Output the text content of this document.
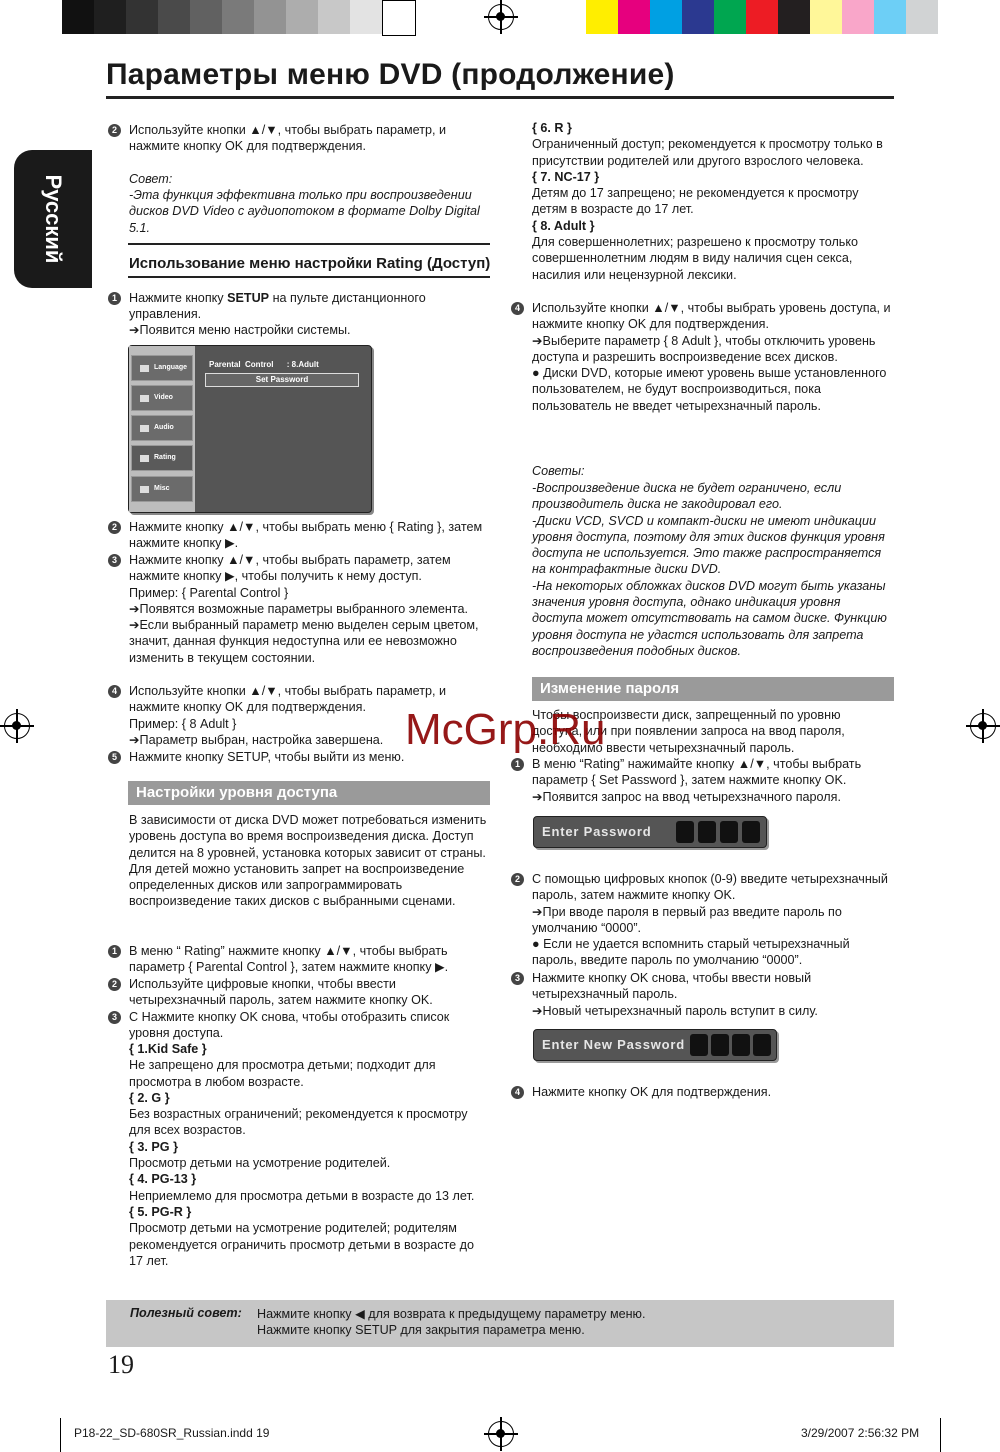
Параметры меню DVD (продолжение)
Русский
2 Используйте кнопки ▲/▼, чтобы выбрать параметр, и нажмите кнопку OK для подтверждения.
Совет:
-Эта функция эффективна только при воспроизведении дисков DVD Video с аудиопотоком в формате Dolby Digital 5.1.
Использование меню настройки Rating (Доступ)
1 Нажмите кнопку SETUP на пульте дистанционного управления.
➔Появится меню настройки системы.
Language
Video
Audio
Rating
Misc
Parental  Control      : 8.Adult
Set Password
2 Нажмите кнопку ▲/▼, чтобы выбрать меню { Rating }, затем нажмите кнопку ▶.
3 Нажмите кнопку ▲/▼, чтобы выбрать параметр, затем нажмите кнопку ▶, чтобы получить к нему доступ.

Пример: { Parental Control }

➔Появятся возможные параметры выбранного элемента.

➔Если выбранный параметр меню выделен серым цветом, значит, данная функция недоступна или ее невозможно изменить в текущем состоянии.

4 Используйте кнопки ▲/▼, чтобы выбрать параметр, и нажмите кнопку OK для подтверждения.

Пример: { 8 Adult }

➔Параметр выбран, настройка завершена.

5 Нажмите кнопку SETUP, чтобы выйти из меню.
Настройки уровня доступа

В зависимости от диска DVD может потребоваться изменить уровень доступа во время воспроизведения диска. Доступ делится на 8 уровней, установка которых зависит от страны.

Для детей можно установить запрет на воспроизведение определенных дисков или запрограммировать воспроизведение таких дисков с выбранными сценами.

1 В меню “ Rating” нажмите кнопку ▲/▼, чтобы выбрать параметр { Parental Control }, затем нажмите кнопку ▶.
2 Используйте цифровые кнопки, чтобы ввести четырехзначный пароль, затем нажмите кнопку OK.
3 С Нажмите кнопку OK снова, чтобы отобразить список уровня доступа.

{ 1.Kid Safe }

Не запрещено для просмотра детьми; подходит для просмотра в любом возрасте.

{ 2. G }

Без возрастных ограничений; рекомендуется к просмотру для всех возрастов.

{ 3. PG }

Просмотр детьми на усмотрение родителей.

{ 4. PG-13 }

Неприемлемо для просмотра детьми в возрасте до 13 лет.

{ 5. PG-R }

Просмотр детьми на усмотрение родителей; родителям рекомендуется ограничить просмотр детьми в возрасте до 17 лет.

{ 6. R }

Ограниченный доступ; рекомендуется к просмотру только в присутствии родителей или другого взрослого человека.

{ 7. NC-17 }

Детям до 17 запрещено; не рекомендуется к просмотру детям в возрасте до 17 лет.

{ 8. Adult }

Для совершеннолетних; разрешено к просмотру только совершеннолетним людям в виду наличия сцен секса, насилия или нецензурной лексики.

4 Используйте кнопки ▲/▼, чтобы выбрать уровень доступа, и нажмите кнопку OK для подтверждения.

➔Выберите параметр { 8 Adult }, чтобы отключить уровень доступа и разрешить воспроизведение всех дисков.

● Диски DVD, которые имеют уровень выше установленного пользователем, не будут воспроизводиться, пока пользователь не введет четырехзначный пароль.

Советы:
-Воспроизведение диска не будет ограничено, если производитель диска не закодировал его.
-Диски VCD, SVCD и компакт-диски не имеют индикации уровня доступа, поэтому для этих дисков функция уровня доступа не используется. Это также распространяется на контрафактные диски DVD.
-На некоторых обложках дисков DVD могут быть указаны значения уровня доступа, однако индикация уровня доступа может отсутствовать на самом диске. Функцию уровня доступа не удастся использовать для запрета воспроизведения подобных дисков.
Изменение пароля
Чтобы воспроизвести диск, запрещенный по уровню доступа, или при появлении запроса на ввод пароля, необходимо ввести четырехзначный пароль.
1 В меню “Rating” нажимайте кнопку ▲/▼, чтобы выбрать параметр { Set Password }, затем нажмите кнопку OK.

➔Появится запрос на ввод четырехзначного пароля.

Enter Password
2 С помощью цифровых кнопок (0-9) введите четырехзначный пароль, затем нажмите кнопку OK.

➔При вводе пароля в первый раз введите пароль по умолчанию “0000”.

● Если не удается вспомнить старый четырехзначный пароль, введите пароль по умолчанию “0000”.

3 Нажмите кнопку OK снова, чтобы ввести новый четырехзначный пароль.

➔Новый четырехзначный пароль вступит в силу.

Enter New Password
4 Нажмите кнопку OK для подтверждения.
McGrp.Ru
Полезный совет: Нажмите кнопку ◀ для возврата к предыдущему параметру меню.
Нажмите кнопку SETUP для закрытия параметра меню.
19
P18-22_SD-680SR_Russian.indd 19	3/29/2007 2:56:32 PM
